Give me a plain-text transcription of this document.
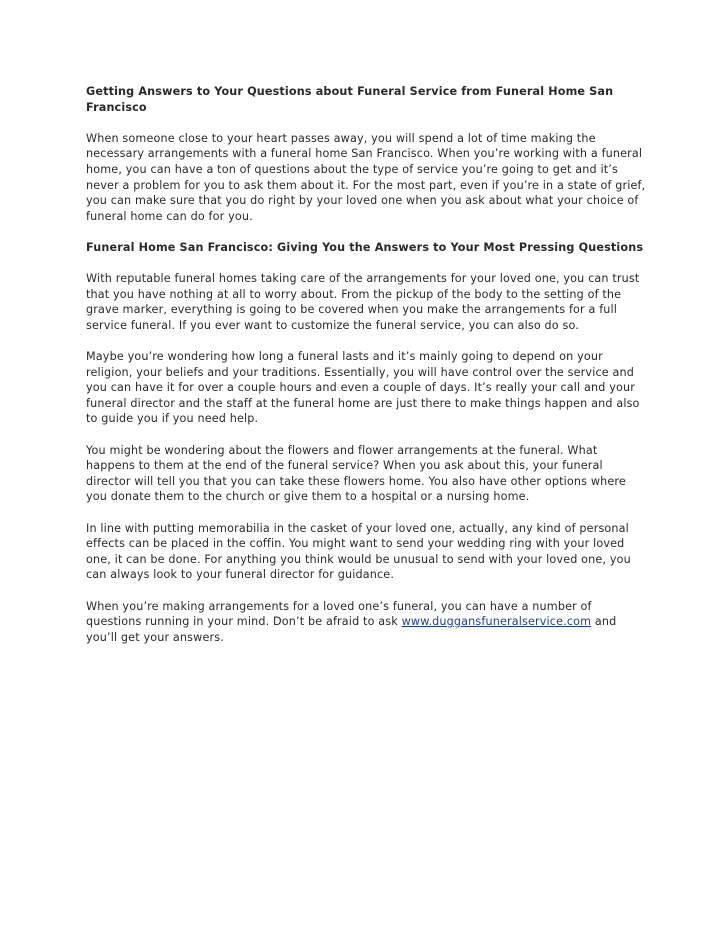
Getting Answers to Your Questions about Funeral Service from Funeral Home San Francisco
When someone close to your heart passes away, you will spend a lot of time making the necessary arrangements with a funeral home San Francisco. When you’re working with a funeral home, you can have a ton of questions about the type of service you’re going to get and it’s never a problem for you to ask them about it. For the most part, even if you’re in a state of grief, you can make sure that you do right by your loved one when you ask about what your choice of funeral home can do for you.
Funeral Home San Francisco: Giving You the Answers to Your Most Pressing Questions
With reputable funeral homes taking care of the arrangements for your loved one, you can trust that you have nothing at all to worry about. From the pickup of the body to the setting of the grave marker, everything is going to be covered when you make the arrangements for a full service funeral. If you ever want to customize the funeral service, you can also do so.
Maybe you’re wondering how long a funeral lasts and it’s mainly going to depend on your religion, your beliefs and your traditions. Essentially, you will have control over the service and you can have it for over a couple hours and even a couple of days. It’s really your call and your funeral director and the staff at the funeral home are just there to make things happen and also to guide you if you need help.
You might be wondering about the flowers and flower arrangements at the funeral. What happens to them at the end of the funeral service? When you ask about this, your funeral director will tell you that you can take these flowers home. You also have other options where you donate them to the church or give them to a hospital or a nursing home.
In line with putting memorabilia in the casket of your loved one, actually, any kind of personal effects can be placed in the coffin. You might want to send your wedding ring with your loved one, it can be done. For anything you think would be unusual to send with your loved one, you can always look to your funeral director for guidance.
When you’re making arrangements for a loved one’s funeral, you can have a number of questions running in your mind. Don’t be afraid to ask www.duggansfuneralservice.com and you’ll get your answers.
